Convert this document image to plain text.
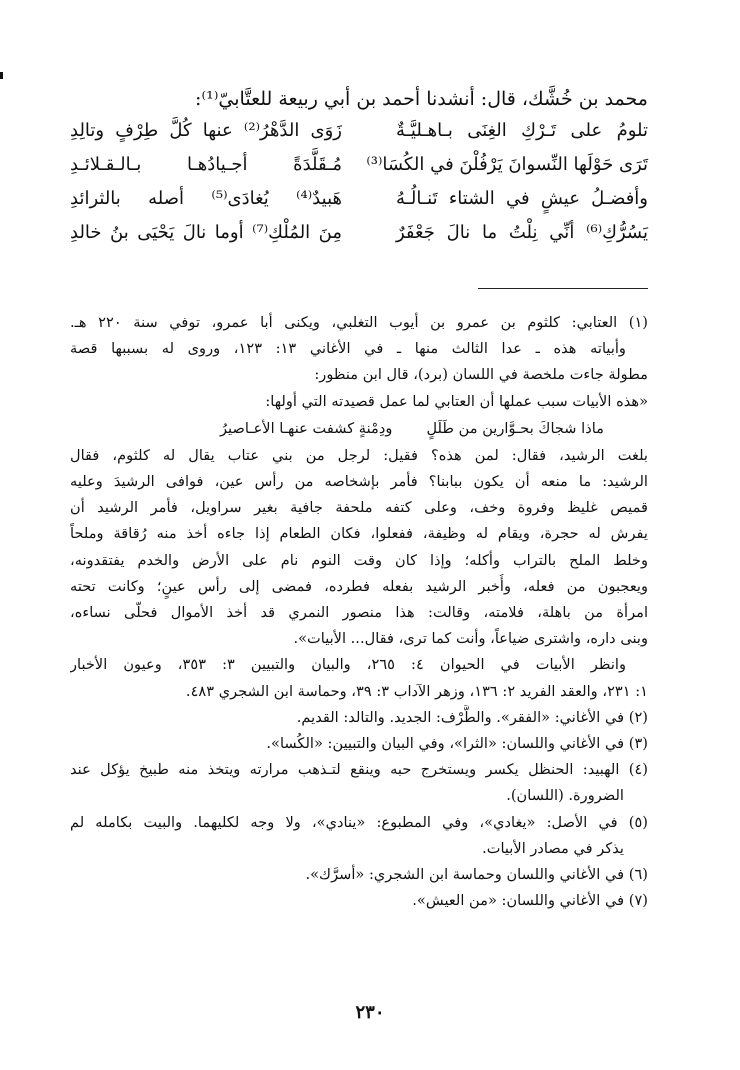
محمد بن خُشَّك، قال: أنشدنا أحمد بن أبي ربيعة للعتَّابيّ⁽¹⁾:
تلومُ على تَـرْكِ الغِنَى بـاهـليَّـةٌ
زَوَى الدَّهْرُ⁽²⁾ عنها كُلَّ طِرْفٍ وتالِدِ
تَرَى حَوْلَها النِّسوانَ يَرْفُلْنَ في الكُسَا⁽³⁾
مُـقَلَّدَةً أجـيادُهـا بـالـقـلائـدِ
وأفضـلُ عيشٍ في الشتاء تَنـالُـهُ
هَبيدٌ⁽⁴⁾ يُغادَى⁽⁵⁾ أصله بالثرائدِ
يَسُرُّكِ⁽⁶⁾ أنِّي نِلْتُ ما نالَ جَعْفَرٌ
مِنَ المُلْكِ⁽⁷⁾ أوما نالَ يَحْيَى بنُ خالدِ
(١) العتابي: كلثوم بن عمرو بن أيوب التغلبي، ويكنى أبا عمرو، توفي سنة ٢٢٠ هـ.
وأبياته هذه ـ عدا الثالث منها ـ في الأغاني ١٣: ١٢٣، وروى له بسببها قصة
مطولة جاءت ملخصة في اللسان (برد)، قال ابن منظور:
«هذه الأبيات سبب عملها أن العتابي لما عمل قصيدته التي أولها:
ماذا شجاكَ بحـوَّارين من طَلَلٍ
ودِمْنةٍ كشفت عنهـا الأعـاصيرُ
بلغت الرشيد، فقال: لمن هذه؟ فقيل: لرجل من بني عتاب يقال له كلثوم، فقال
الرشيد: ما منعه أن يكون ببابنا؟ فأمر بإشخاصه من رأس عين، فوافى الرشيدَ وعليه
قميص غليظ وفروة وخف، وعلى كتفه ملحفة جافية بغير سراويل، فأمر الرشيد أن
يفرش له حجرة، ويقام له وظيفة، ففعلوا، فكان الطعام إذا جاءه أخذ منه رُقاقة وملحاً
وخلط الملح بالتراب وأكله؛ وإذا كان وقت النوم نام على الأرض والخدم يفتقدونه،
ويعجبون من فعله، وأُخبر الرشيد بفعله فطرده، فمضى إلى رأس عينٍ؛ وكانت تحته
امرأة من باهلة، فلامته، وقالت: هذا منصور النمري قد أخذ الأموال فحلّى نساءه،
وبنى داره، واشترى ضياعاً، وأنت كما ترى، فقال... الأبيات».
وانظر الأبيات في الحيوان ٤: ٢٦٥، والبيان والتبيين ٣: ٣٥٣، وعيون الأخبار
١: ٢٣١، والعقد الفريد ٢: ١٣٦، وزهر الآداب ٣: ٣٩، وحماسة ابن الشجري ٤٨٣.
(٢) في الأغاني: «الفقر». والطَّرْف: الجديد. والتالد: القديم.
(٣) في الأغاني واللسان: «الثرا»، وفي البيان والتبيين: «الكُسا».
(٤) الهبيد: الحنظل يكسر ويستخرج حبه وينقع لتـذهب مرارته ويتخذ منه طبيخ يؤكل عند
الضرورة. (اللسان).
(٥) في الأصل: «يغادي»، وفي المطبوع: «ينادي»، ولا وجه لكليهما. والبيت بكامله لم
يذكر في مصادر الأبيات.
(٦) في الأغاني واللسان وحماسة ابن الشجري: «أسرَّك».
(٧) في الأغاني واللسان: «من العيش».
٢٣٠
